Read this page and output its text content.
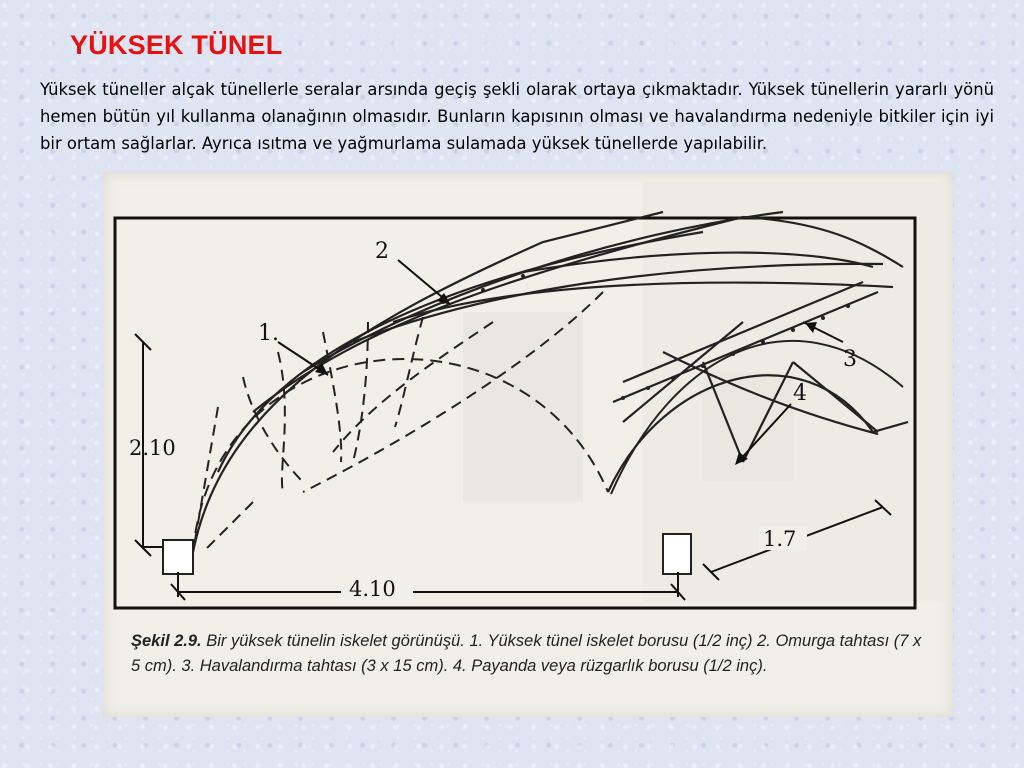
YÜKSEK TÜNEL
Yüksek tüneller alçak tünellerle seralar arsında geçiş şekli olarak ortaya çıkmaktadır. Yüksek tünellerin yararlı yönü hemen bütün yıl kullanma olanağının olmasıdır. Bunların kapısının olması ve havalandırma nedeniyle bitkiler için iyi bir ortam sağlarlar. Ayrıca ısıtma ve yağmurlama sulamada yüksek tünellerde yapılabilir.
2.10
4.10
1.7
1.
2
3
4
Şekil 2.9. Bir yüksek tünelin iskelet görünüşü. 1. Yüksek tünel iskelet borusu (1/2 inç) 2. Omurga tahtası (7 x 5 cm). 3. Havalandırma tahtası (3 x 15 cm). 4. Payanda veya rüzgarlık borusu (1/2 inç).
